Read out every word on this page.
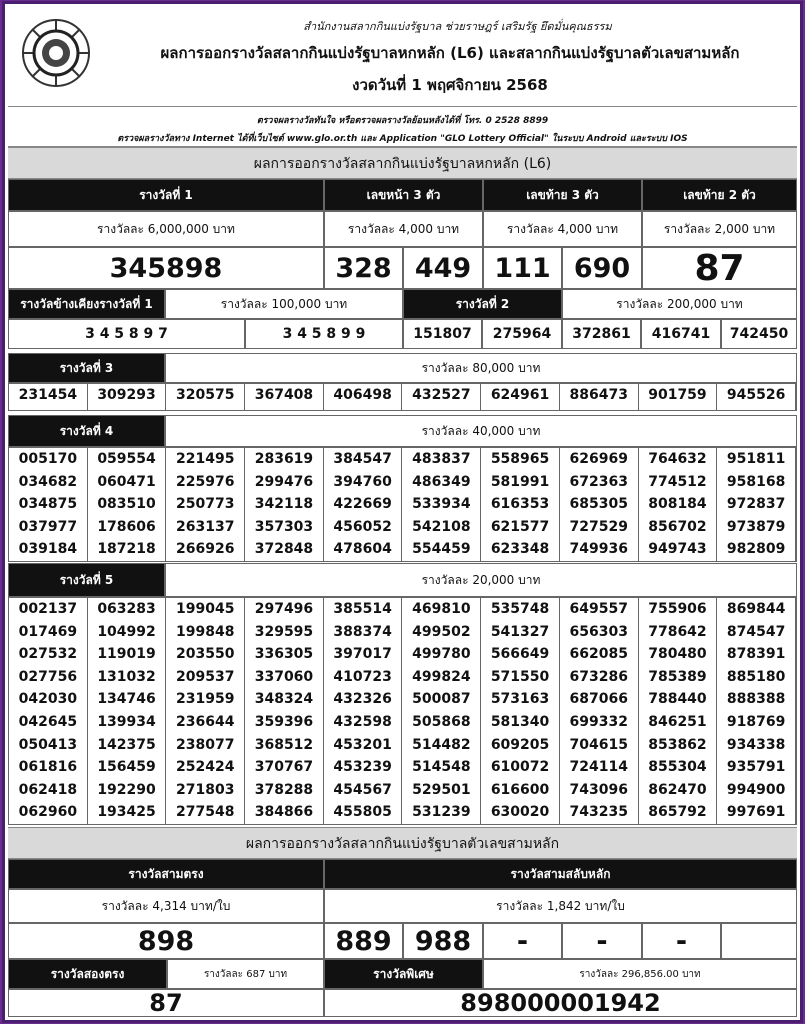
สำนักงานสลากกินแบ่งรัฐบาล ช่วยราษฎร์ เสริมรัฐ ยึดมั่นคุณธรรม
ผลการออกรางวัลสลากกินแบ่งรัฐบาลหกหลัก (L6) และสลากกินแบ่งรัฐบาลตัวเลขสามหลัก
งวดวันที่ 1 พฤศจิกายน 2568
ตรวจผลรางวัลทันใจ หรือตรวจผลรางวัลย้อนหลังได้ที่ โทร. 0 2528 8899
ตรวจผลรางวัลทาง Internet ได้ที่เว็บไซต์ www.glo.or.th และ Application "GLO Lottery Official" ในระบบ Android และระบบ IOS
ผลการออกรางวัลสลากกินแบ่งรัฐบาลหกหลัก (L6)
รางวัลที่ 1	เลขหน้า 3 ตัว	เลขท้าย 3 ตัว	เลขท้าย 2 ตัว
รางวัลละ 6,000,000 บาท	รางวัลละ 4,000 บาท	รางวัลละ 4,000 บาท	รางวัลละ 2,000 บาท
345898	328 449 111 690	87
รางวัลข้างเคียงรางวัลที่ 1	รางวัลละ 100,000 บาท	รางวัลที่ 2	รางวัลละ 200,000 บาท
3 4 5 8 9 7	3 4 5 8 9 9	151807	275964	372861	416741	742450
รางวัลที่ 3	รางวัลละ 80,000 บาท
231454	309293	320575	367408	406498	432527	624961	886473	901759	945526
รางวัลที่ 4	รางวัลละ 40,000 บาท
005170	059554	221495	283619	384547	483837	558965	626969	764632	951811
034682	060471	225976	299476	394760	486349	581991	672363	774512	958168
034875	083510	250773	342118	422669	533934	616353	685305	808184	972837
037977	178606	263137	357303	456052	542108	621577	727529	856702	973879
039184	187218	266926	372848	478604	554459	623348	749936	949743	982809
รางวัลที่ 5	รางวัลละ 20,000 บาท
002137	063283	199045	297496	385514	469810	535748	649557	755906	869844
017469	104992	199848	329595	388374	499502	541327	656303	778642	874547
027532	119019	203550	336305	397017	499780	566649	662085	780480	878391
027756	131032	209537	337060	410723	499824	571550	673286	785389	885180
042030	134746	231959	348324	432326	500087	573163	687066	788440	888388
042645	139934	236644	359396	432598	505868	581340	699332	846251	918769
050413	142375	238077	368512	453201	514482	609205	704615	853862	934338
061816	156459	252424	370767	453239	514548	610072	724114	855304	935791
062418	192290	271803	378288	454567	529501	616600	743096	862470	994900
062960	193425	277548	384866	455805	531239	630020	743235	865792	997691
ผลการออกรางวัลสลากกินแบ่งรัฐบาลตัวเลขสามหลัก
รางวัลสามตรง	รางวัลสามสลับหลัก
รางวัลละ 4,314 บาท/ใบ	รางวัลละ 1,842 บาท/ใบ
898	889 988	-	-	-
รางวัลสองตรง	รางวัลละ 687 บาท	รางวัลพิเศษ	รางวัลละ 296,856.00 บาท
87	898000001942
